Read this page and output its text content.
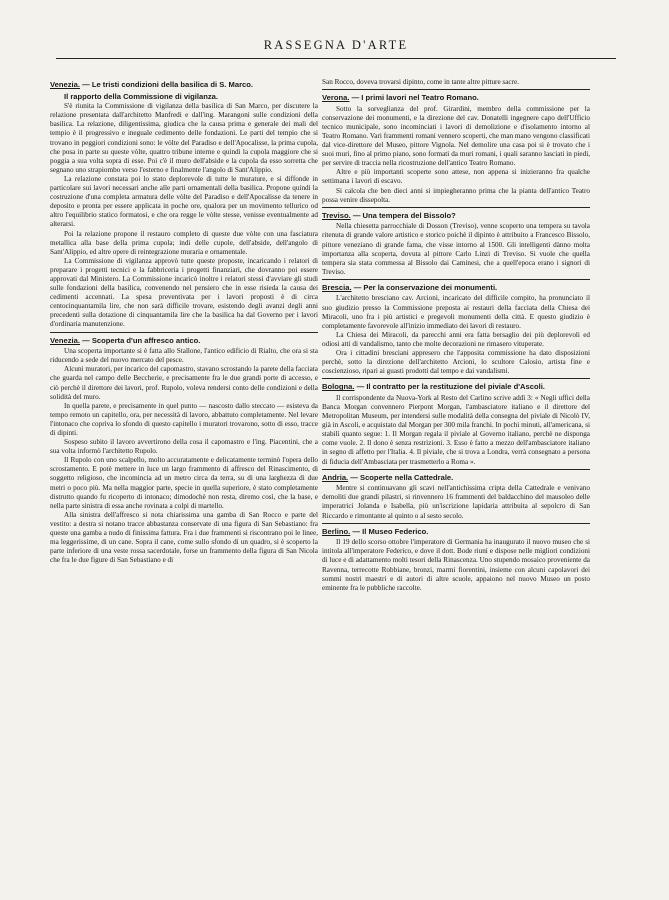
RASSEGNA D'ARTE
Venezia. — Le tristi condizioni della basilica di S. Marco.
Il rapporto della Commissione di vigilanza.

S'è riunita la Commissione di vigilanza della basilica di San Marco, per discutere la relazione presentata dall'architetto Manfredi e dall'ing. Marangoni sulle condizioni della basilica. La relazione, diligentissima, giudica che la causa prima e generale dei mali del tempio è il progressivo e ineguale cedimento delle fondazioni. Le parti del tempio che si trovano in peggiori condizioni sono: le vòlte del Paradiso e dell'Apocalisse, la prima cupola, che posa in parte su queste vòlte, quattro tribune interne e quindi la cupola maggiore che si poggia a sua volta sopra di esse. Poi c'è il muro dell'abside e la cupola da esso sorretta che segnano uno strapiombo verso l'esterno e finalmente l'angolo di Sant'Alippio.

La relazione constata poi lo stato deplorevole di tutte le murature, e si diffonde in particolare sui lavori necessari anche alle parti ornamentali della basilica. Propone quindi la costruzione d'una completa armatura delle vòlte del Paradiso e dell'Apocalisse da tenere in deposito e pronta per essere applicata in poche ore, qualora per un movimento tellurico od altro l'equilibrio statico formatosi, e che ora regge le vòlte stesse, venisse eventualmente ad alterarsi.

Poi la relazione propone il restauro completo di queste due vòlte con una fasciatura metallica alla base della prima cupola; indi delle cupole, dell'abside, dell'angolo di Sant'Alippio, ed altre opere di reintegrazione muraria e ornamentale.

La Commissione di vigilanza approvò tutte queste proposte, incaricando i relatori di preparare i progetti tecnici e la fabbriceria i progetti finanziari, che dovranno poi essere approvati dal Ministero. La Commissione incaricò inoltre i relatori stessi d'avviare gli studi sulle fondazioni della basilica, convenendo nel pensiero che in esse risieda la causa dei cedimenti accennati. La spesa preventivata per i lavori proposti è di circa centocinquantamila lire, che non sarà difficile trovare, esistendo degli avanzi degli anni precedenti sulla dotazione di cinquantamila lire che la basilica ha dal Governo per i lavori d'ordinaria manutenzione.

Venezia. — Scoperta d'un affresco antico.

Una scoperta importante si è fatta allo Stallone, l'antico edificio di Rialto, che ora si sta riducendo a sede del nuovo mercato del pesce.

Alcuni muratori, per incarico del capomastro, stavano scrostando la parete della facciata che guarda nel campo delle Beccherie, e precisamente fra le due grandi porte di accesso, e ciò perchè il direttore dei lavori, prof. Rupolo, voleva rendersi conto delle condizioni e della solidità del muro.

In quella parete, e precisamente in quel punto — nascosto dallo steccato — esisteva da tempo remoto un capitello, ora, per necessità di lavoro, abbattuto completamente. Nel levare l'intonaco che copriva lo sfondo di questo capitello i muratori trovarono, sotto di esso, tracce di dipinti.

Sospeso subito il lavoro avvertirono della cosa il capomastro e l'ing. Piacentini, che a sua volta informò l'architetto Rupolo.

Il Rupolo con uno scalpello, molto accuratamente e delicatamente terminò l'opera dello scrostamento. E potè mettere in luce un largo frammento di affresco del Rinascimento, di soggetto religioso, che incomincia ad un metro circa da terra, su di una larghezza di due metri o poco più. Ma nella maggior parte, specie in quella superiore, è stato completamente distrutto quando fu ricoperto di intonaco; dimodochè non resta, diremo così, che la base, e nella parte sinistra di essa anche rovinata a colpi di martello.

Alla sinistra dell'affresco si nota chiarissima una gamba di San Rocco e parte del vestito: a destra si notano tracce abbastanza conservate di una figura di San Sebastiano: fra queste una gamba a nudo di finissima fattura. Fra i due frammenti si riscontrano poi le linee, ma leggerissime, di un cane. Sopra il cane, come sullo sfondo di un quadro, si è scoperto la parte inferiore di una veste rossa sacerdotale, forse un frammento della figura di San Nicola che fra le due figure di San Sebastiano e di

San Rocco, doveva trovarsi dipinto, come in tante altre pitture sacre.

Verona. — I primi lavori nel Teatro Romano.

Sotto la sorveglianza del prof. Girardini, membro della commissione per la conservazione dei monumenti, e la direzione del cav. Donatelli ingegnere capo dell'Ufficio tecnico municipale, sono incominciati i lavori di demolizione e d'isolamento intorno al Teatro Romano. Vari frammenti romani vennero scoperti, che man mano vengono classificati dal vice-direttore del Museo, pittore Vignola. Nel demolire una casa poi si è trovato che i suoi muri, fino al primo piano, sono formati da muri romani, i quali saranno lasciati in piedi, per servire di traccia nella ricostruzione dell'antico Teatro Romano.

Altre e più importanti scoperte sono attese, non appena si inizieranno fra qualche settimana i lavori di escavo.

Si calcola che ben dieci anni si impiegheranno prima che la pianta dell'antico Teatro possa venire dissepolta.

Treviso. — Una tempera del Bissolo?

Nella chiesetta parrocchiale di Dosson (Treviso), venne scoperto una tempera su tavola ritenuta di grande valore artistico e storico poichè il dipinto è attribuito a Francesco Bissolo, pittore veneziano di grande fama, che visse intorno al 1500. Gli intelligenti dànno molta importanza alla scoperta, dovuta al pittore Carlo Linzi di Treviso. Si vuole che quella tempera sia stata commessa al Bissolo dai Caminesi, che a quell'epoca erano i signori di Treviso.

Brescia. — Per la conservazione dei monumenti.

L'architetto bresciano cav. Arcioni, incaricato del difficile compito, ha pronunciato il suo giudizio presso la Commissione preposta ai restauri della facciata della Chiesa dei Miracoli, uno fra i più artistici e pregevoli monumenti della città. E questo giudizio è completamente favorevole all'inizio immediato dei lavori di restauro.

La Chiesa dei Miracoli, da parecchi anni era fatta bersaglio dei più deplorevoli ed odiosi atti di vandalismo, tanto che molte decorazioni ne rimasero vituperate.

Ora i cittadini bresciani appresero che l'apposita commissione ha dato disposizioni perchè, sotto la direzione dell'architetto Arcioni, lo scultore Calosio, artista fine e coscienzioso, ripari ai guasti prodotti dal tempo e dai vandalismi.

Bologna. — Il contratto per la restituzione del piviale d'Ascoli.

Il corrispondente da Nuova-York al Resto del Carlino scrive addì 3: « Negli uffici della Banca Morgan convennero Pierpont Morgan, l'ambasciatore italiano e il direttore del Metropolitan Museum, per intendersi sulle modalità della consegna del piviale di Nicolò IV, già in Ascoli, e acquistato dal Morgan per 300 mila franchi. In pochi minuti, all'americana, si stabilì quanto segue: 1. Il Morgan regala il piviale al Governo italiano, perchè ne disponga come vuole. 2. Il dono è senza restrizioni. 3. Esso è fatto a mezzo dell'ambasciatore italiano in segno di affetto per l'Italia. 4. Il piviale, che si trova a Londra, verrà consegnato a persona di fiducia dell'Ambasciata per trasmetterlo a Roma ».

Andria. — Scoperte nella Cattedrale.

Mentre si continuavano gli scavi nell'antichissima cripta della Cattedrale e venivano demoliti due grandi pilastri, si rinvennero 16 frammenti del baldacchino del mausoleo delle imperatrici Jolanda e Isabella, più un'iscrizione lapidaria attribuita al sepolcro di San Riccardo e rimontante al quinto o al sesto secolo.

Berlino. — Il Museo Federico.

Il 19 dello scorso ottobre l'imperatore di Germania ha inaugurato il nuovo museo che si intitola all'imperatore Federico, e dove il dott. Bode riunì e dispose nelle migliori condizioni di luce e di adattamento molti tesori della Rinascenza. Uno stupendo mosaico proveniente da Ravenna, terrecotte Robbiane, bronzi, marmi fiorentini, insieme con alcuni capolavori dei sommi nostri maestri e di autori di altre scuole, appaiono nel nuovo Museo un posto eminente fra le pubbliche raccolte.
